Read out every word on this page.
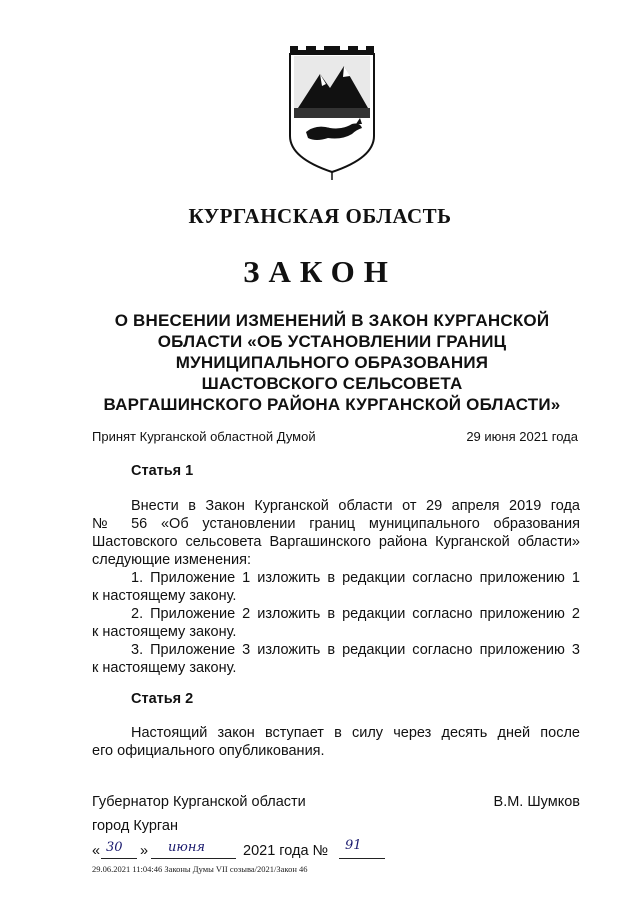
КУРГАНСКАЯ ОБЛАСТЬ
ЗАКОН
О ВНЕСЕНИИ ИЗМЕНЕНИЙ В ЗАКОН КУРГАНСКОЙ
ОБЛАСТИ «ОБ УСТАНОВЛЕНИИ ГРАНИЦ
МУНИЦИПАЛЬНОГО ОБРАЗОВАНИЯ
ШАСТОВСКОГО СЕЛЬСОВЕТА
ВАРГАШИНСКОГО РАЙОНА КУРГАНСКОЙ ОБЛАСТИ»
Принят Курганской областной Думой	29 июня 2021 года
Статья 1
Внести в Закон Курганской области от 29 апреля 2019 года
№ 56 «Об установлении границ муниципального образования
Шастовского сельсовета Варгашинского района Курганской области»
следующие изменения:
1. Приложение 1 изложить в редакции согласно приложению 1
к настоящему закону.
2. Приложение 2 изложить в редакции согласно приложению 2
к настоящему закону.
3. Приложение 3 изложить в редакции согласно приложению 3
к настоящему закону.
Статья 2
Настоящий закон вступает в силу через десять дней после
его официального опубликования.
Губернатор Курганской области	В.М. Шумков
город Курган
« 30 » июня	2021 года № 91
29.06.2021 11:04:46 Законы Думы VII созыва/2021/Закон 46
